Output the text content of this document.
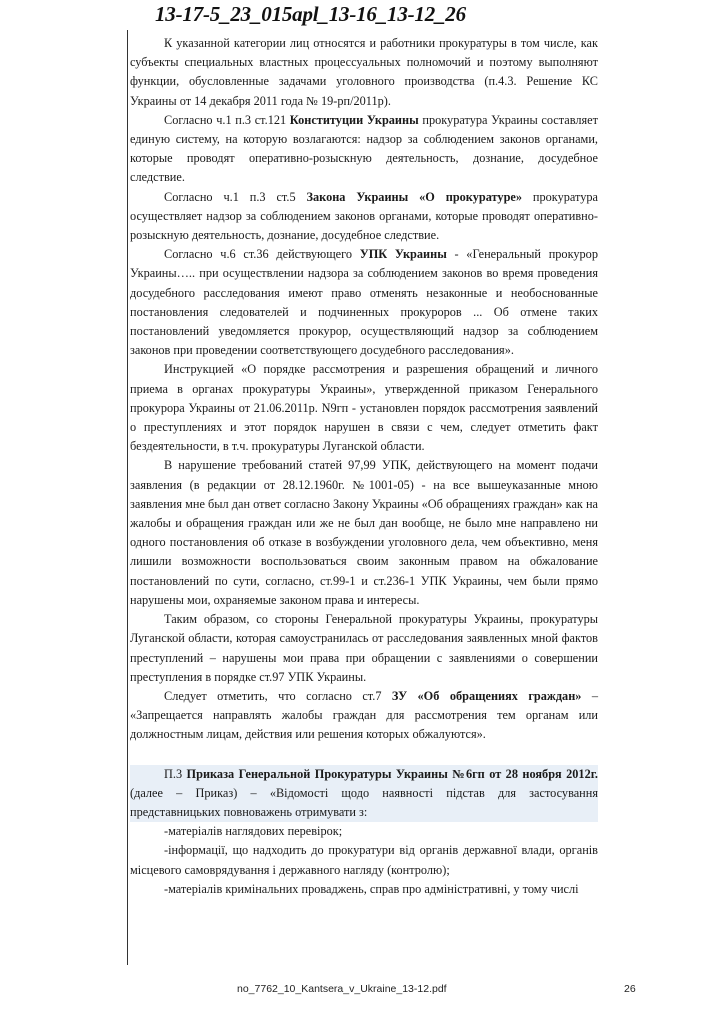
13-17-5_23_015apl_13-16_13-12_26

К указанной категории лиц относятся и работники прокуратуры в том числе, как субъекты специальных властных процессуальных полномочий и поэтому выполняют функции, обусловленные задачами уголовного производства (п.4.3. Решение КС Украины от 14 декабря 2011 года № 19-рп/2011р).

Согласно ч.1 п.3 ст.121 Конституции Украины прокуратура Украины составляет единую систему, на которую возлагаются: надзор за соблюдением законов органами, которые проводят оперативно-розыскную деятельность, дознание, досудебное следствие.

Согласно ч.1 п.3 ст.5 Закона Украины «О прокуратуре» прокуратура осуществляет надзор за соблюдением законов органами, которые проводят оперативно-розыскную деятельность, дознание, досудебное следствие.

Согласно ч.6 ст.36 действующего УПК Украины - «Генеральный прокурор Украины….. при осуществлении надзора за соблюдением законов во время проведения досудебного расследования имеют право отменять незаконные и необоснованные постановления следователей и подчиненных прокуроров ... Об отмене таких постановлений уведомляется прокурор, осуществляющий надзор за соблюдением законов при проведении соответствующего досудебного расследования».

Инструкцией «О порядке рассмотрения и разрешения обращений и личного приема в органах прокуратуры Украины», утвержденной приказом Генерального прокурора Украины от 21.06.2011р. N9гп - установлен порядок рассмотрения заявлений о преступлениях и этот порядок нарушен в связи с чем, следует отметить факт бездеятельности, в т.ч. прокуратуры Луганской области.

В нарушение требований статей 97,99 УПК, действующего на момент подачи заявления (в редакции от 28.12.1960г. №1001-05) - на все вышеуказанные мною заявления мне был дан ответ согласно Закону Украины «Об обращениях граждан» как на жалобы и обращения граждан или же не был дан вообще, не было мне направлено ни одного постановления об отказе в возбуждении уголовного дела, чем объективно, меня лишили возможности воспользоваться своим законным правом на обжалование постановлений по сути, согласно, ст.99-1 и ст.236-1 УПК Украины, чем были прямо нарушены мои, охраняемые законом права и интересы.

Таким образом, со стороны Генеральной прокуратуры Украины, прокуратуры Луганской области, которая самоустранилась от расследования заявленных мной фактов преступлений – нарушены мои права при обращении с заявлениями о совершении преступления в порядке ст.97 УПК Украины.

Следует отметить, что согласно ст.7 ЗУ «Об обращениях граждан» – «Запрещается направлять жалобы граждан для рассмотрения тем органам или должностным лицам, действия или решения которых обжалуются».

П.3 Приказа Генеральной Прокуратуры Украины №6гп от 28 ноября 2012г.(далее – Приказ) – «Відомості щодо наявності підстав для застосування представницьких повноважень отримувати з:

-матеріалів наглядових перевірок;

-інформації, що надходить до прокуратури від органів державної влади, органів місцевого самоврядування і державного нагляду (контролю);

-матеріалів кримінальних проваджень, справ про адміністративні, у тому числі

no_7762_10_Kantsera_v_Ukraine_13-12.pdf	26
